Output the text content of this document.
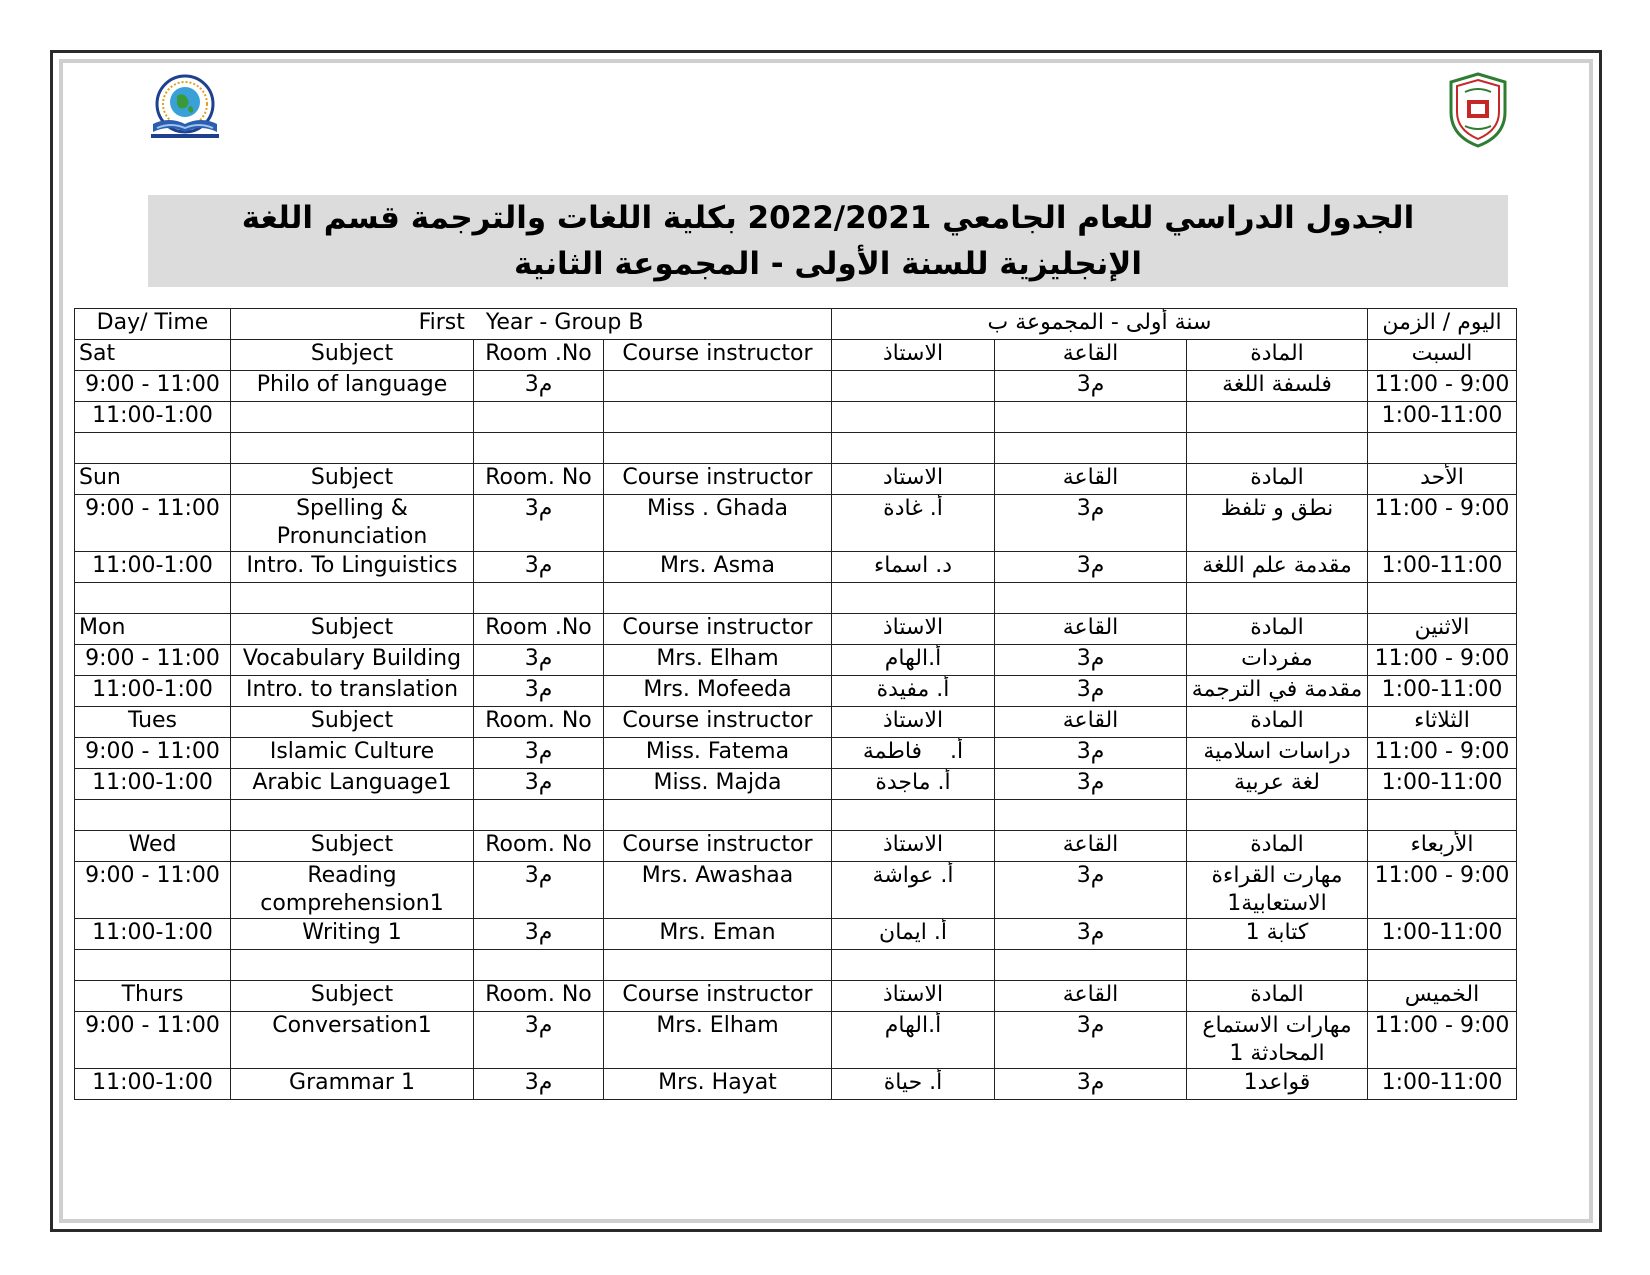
الجدول الدراسي للعام الجامعي 2022/2021 بكلية اللغات والترجمة قسم اللغة
الإنجليزية للسنة الأولى - المجموعة الثانية
Day/ Time	First   Year - Group B			سنة أولى - المجموعة ب			اليوم / الزمن
Sat	Subject	Room .No	Course instructor	الاستاذ	القاعة	المادة	السبت
9:00 - 11:00	Philo of language	م3			م3	فلسفة اللغة	11:00 - 9:00
11:00-1:00							1:00-11:00

Sun	Subject	Room. No	Course instructor	الاستاد	القاعة	المادة	الأحد
9:00 - 11:00	Spelling & Pronunciation	م3	Miss . Ghada	أ. غادة	م3	نطق و تلفظ	11:00 - 9:00
11:00-1:00	Intro. To Linguistics	م3	Mrs. Asma	د. اسماء	م3	مقدمة علم اللغة	1:00-11:00

Mon	Subject	Room .No	Course instructor	الاستاذ	القاعة	المادة	الاثنين
9:00 - 11:00	Vocabulary Building	م3	Mrs. Elham	أ.الهام	م3	مفردات	11:00 - 9:00
11:00-1:00	Intro. to translation	م3	Mrs. Mofeeda	أ. مفيدة	م3	مقدمة في الترجمة	1:00-11:00
Tues	Subject	Room. No	Course instructor	الاستاذ	القاعة	المادة	الثلاثاء
9:00 - 11:00	Islamic Culture	م3	Miss. Fatema	أ.    فاطمة	م3	دراسات اسلامية	11:00 - 9:00
11:00-1:00	Arabic Language1	م3	Miss. Majda	أ. ماجدة	م3	لغة عربية	1:00-11:00

Wed	Subject	Room. No	Course instructor	الاستاذ	القاعة	المادة	الأربعاء
9:00 - 11:00	Reading comprehension1	م3	Mrs. Awashaa	أ. عواشة	م3	مهارت القراءة الاستعابية1	11:00 - 9:00
11:00-1:00	Writing 1	م3	Mrs. Eman	أ. ايمان	م3	كتابة 1	1:00-11:00

Thurs	Subject	Room. No	Course instructor	الاستاذ	القاعة	المادة	الخميس
9:00 - 11:00	Conversation1	م3	Mrs. Elham	أ.الهام	م3	مهارات الاستماع المحادثة 1	11:00 - 9:00
11:00-1:00	Grammar 1	م3	Mrs. Hayat	أ. حياة	م3	قواعد1	1:00-11:00
